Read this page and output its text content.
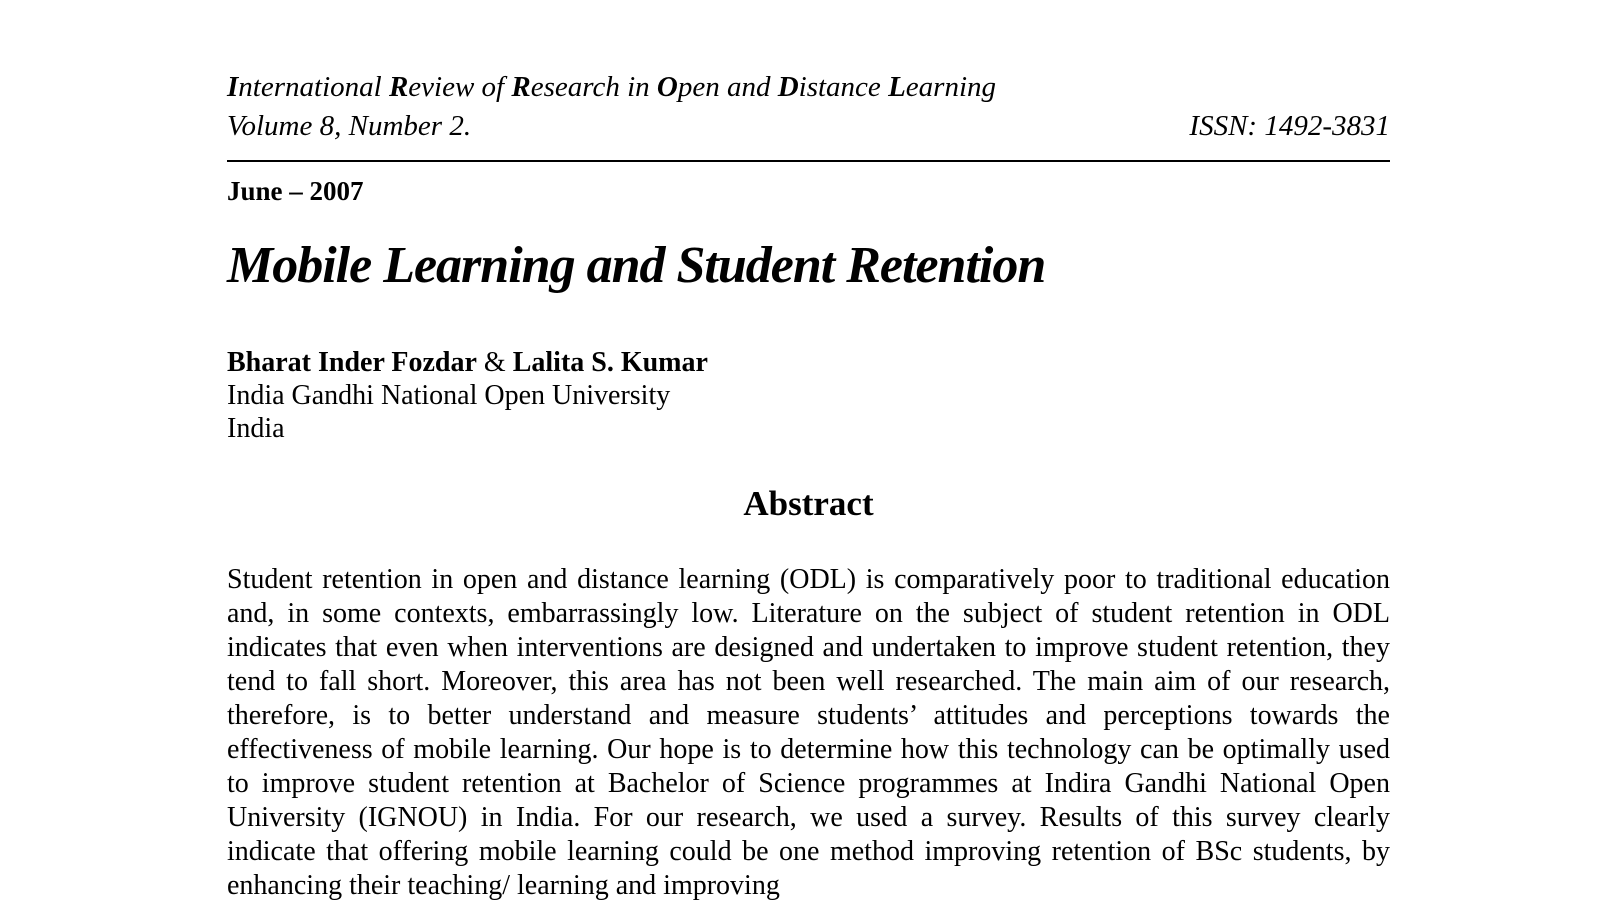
International Review of Research in Open and Distance Learning
Volume 8, Number 2.	ISSN: 1492-3831
June – 2007
Mobile Learning and Student Retention
Bharat Inder Fozdar & Lalita S. Kumar
India Gandhi National Open University
India
Abstract

Student retention in open and distance learning (ODL) is comparatively poor to traditional education and, in some contexts, embarrassingly low. Literature on the subject of student retention in ODL indicates that even when interventions are designed and undertaken to improve student retention, they tend to fall short. Moreover, this area has not been well researched. The main aim of our research, therefore, is to better understand and measure students’ attitudes and perceptions towards the effectiveness of mobile learning. Our hope is to determine how this technology can be optimally used to improve student retention at Bachelor of Science programmes at Indira Gandhi National Open University (IGNOU) in India. For our research, we used a survey. Results of this survey clearly indicate that offering mobile learning could be one method improving retention of BSc students, by enhancing their teaching/ learning and improving
